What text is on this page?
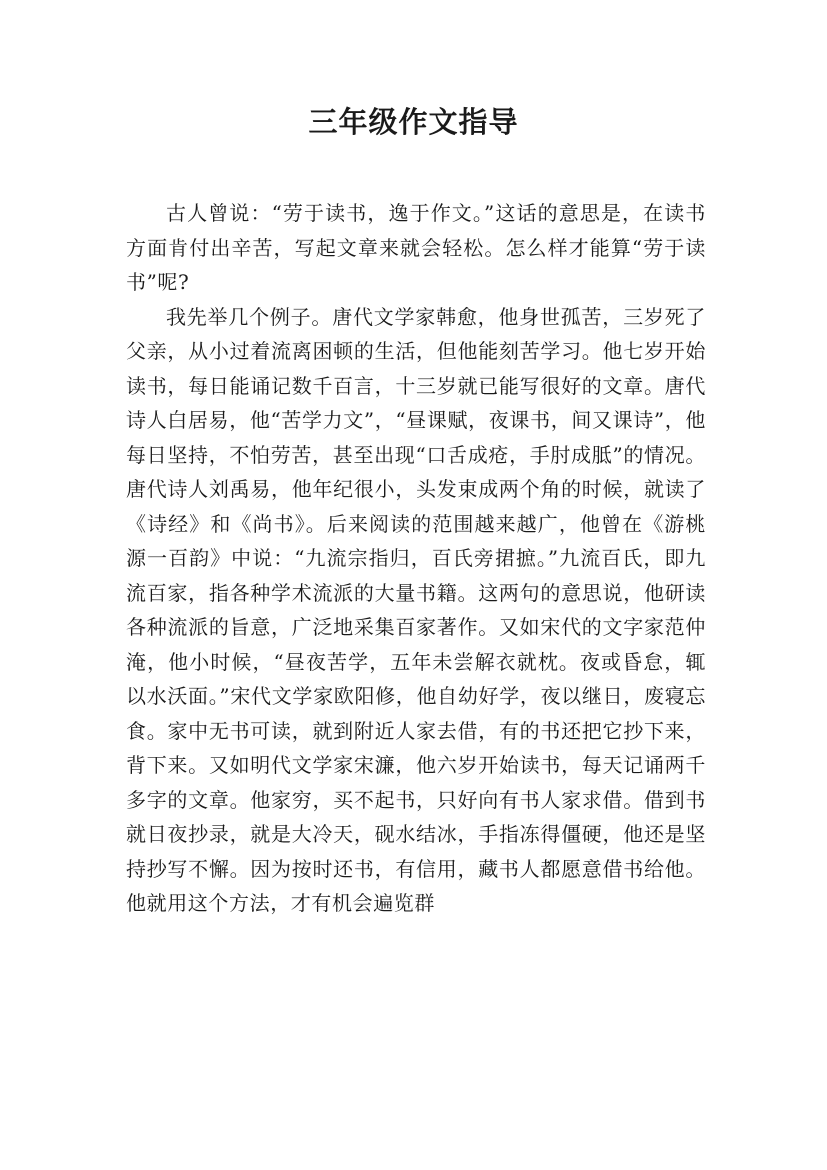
三年级作文指导

古人曾说：“劳于读书，逸于作文。”这话的意思是，在读书方面肯付出辛苦，写起文章来就会轻松。怎么样才能算“劳于读书”呢?

我先举几个例子。唐代文学家韩愈，他身世孤苦，三岁死了父亲，从小过着流离困顿的生活，但他能刻苦学习。他七岁开始读书，每日能诵记数千百言，十三岁就已能写很好的文章。唐代诗人白居易，他“苦学力文”，“昼课赋，夜课书，间又课诗”，他每日坚持，不怕劳苦，甚至出现“口舌成疮，手肘成胝”的情况。唐代诗人刘禹易，他年纪很小，头发束成两个角的时候，就读了《诗经》和《尚书》。后来阅读的范围越来越广，他曾在《游桃源一百韵》中说：“九流宗指归，百氏旁捃摭。”九流百氏，即九流百家，指各种学术流派的大量书籍。这两句的意思说，他研读各种流派的旨意，广泛地采集百家著作。又如宋代的文字家范仲淹，他小时候，“昼夜苦学，五年未尝解衣就枕。夜或昏怠，辄以水沃面。”宋代文学家欧阳修，他自幼好学，夜以继日，废寝忘食。家中无书可读，就到附近人家去借，有的书还把它抄下来，背下来。又如明代文学家宋濂，他六岁开始读书，每天记诵两千多字的文章。他家穷，买不起书，只好向有书人家求借。借到书就日夜抄录，就是大冷天，砚水结冰，手指冻得僵硬，他还是坚持抄写不懈。因为按时还书，有信用，藏书人都愿意借书给他。他就用这个方法，才有机会遍览群
